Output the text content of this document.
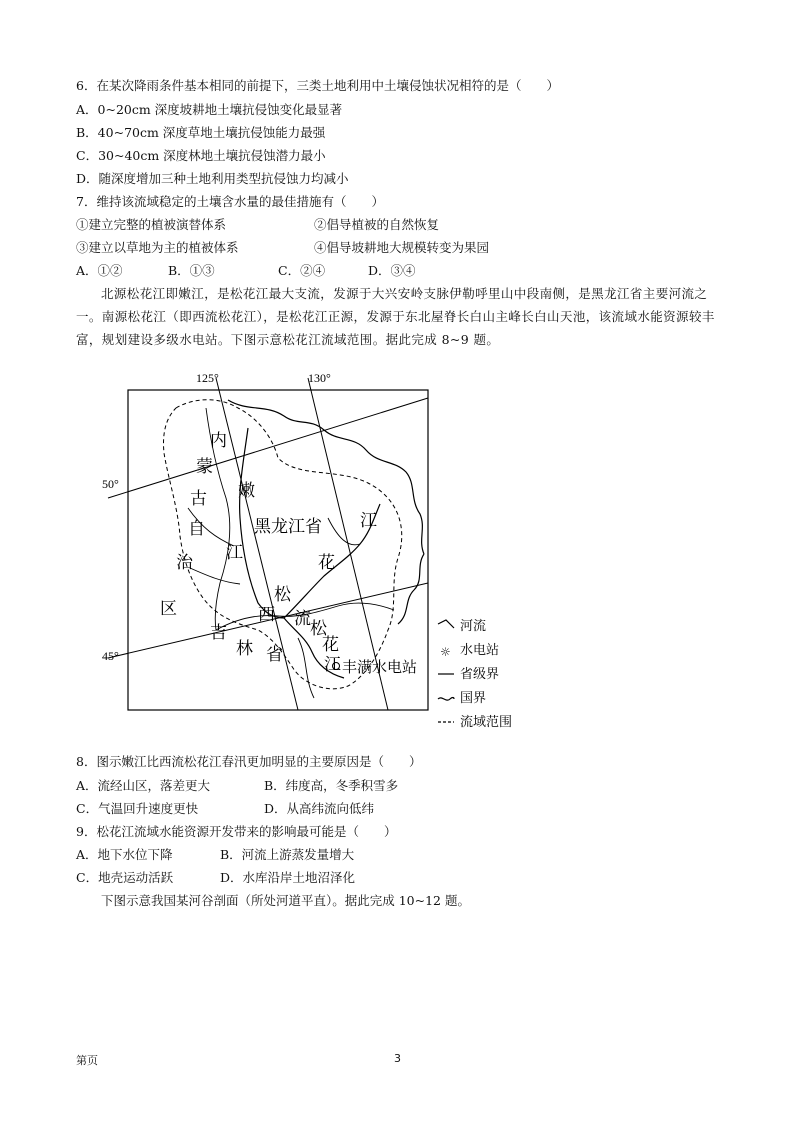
6．在某次降雨条件基本相同的前提下，三类土地利用中土壤侵蚀状况相符的是（　　）
A．0~20cm 深度坡耕地土壤抗侵蚀变化最显著
B．40~70cm 深度草地土壤抗侵蚀能力最强
C．30~40cm 深度林地土壤抗侵蚀潜力最小
D．随深度增加三种土地利用类型抗侵蚀力均减小
7．维持该流域稳定的土壤含水量的最佳措施有（　　）
①建立完整的植被演替体系	②倡导植被的自然恢复
③建立以草地为主的植被体系	④倡导坡耕地大规模转变为果园
A．①②	B．①③	C．②④	D．③④
北源松花江即嫩江，是松花江最大支流，发源于大兴安岭支脉伊勒呼里山中段南侧，是黑龙江省主要河流之一。南源松花江（即西流松花江），是松花江正源，发源于东北屋脊长白山主峰长白山天池，该流域水能资源较丰富，规划建设多级水电站。下图示意松花江流域范围。据此完成 8~9 题。
125°	130°
50°
45°
内
蒙
古
自
治
区
嫩
江
黑龙江省 江
花
松
西 流 松
花
江
吉
林 省
丰满水电站
河流
☼ 水电站
省级界
国界
流域范围
8．图示嫩江比西流松花江春汛更加明显的主要原因是（　　）
A．流经山区，落差更大	B．纬度高，冬季积雪多
C．气温回升速度更快	D．从高纬流向低纬
9．松花江流域水能资源开发带来的影响最可能是（　　）
A．地下水位下降	B．河流上游蒸发量增大
C．地壳运动活跃	D．水库沿岸土地沼泽化
下图示意我国某河谷剖面（所处河道平直）。据此完成 10~12 题。
第页	3
